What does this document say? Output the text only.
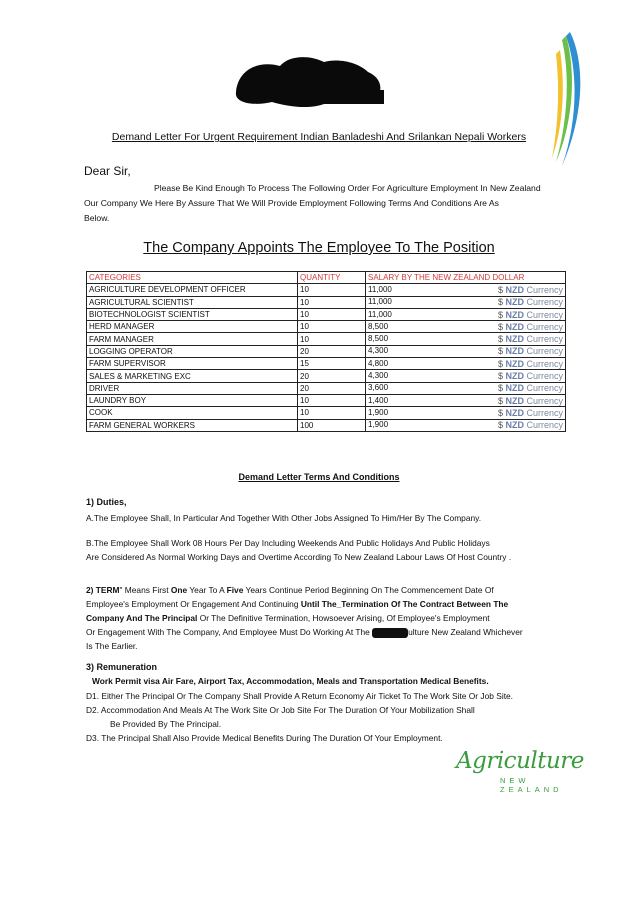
Demand Letter For Urgent Requirement Indian Banladeshi And Srilankan Nepali Workers
Dear Sir,
Please Be Kind Enough To Process The Following Order For Agriculture Employment In New Zealand
Our Company We Here By Assure That We Will Provide Employment Following Terms And Conditions Are As
Below.
The Company Appoints The Employee To The Position
CATEGORIES	QUANTITY	SALARY BY THE NEW ZEALAND DOLLAR
AGRICULTURE DEVELOPMENT OFFICER	10	11,000 $ NZD Currency

AGRICULTURAL SCIENTIST	10	11,000 $ NZD Currency

BIOTECHNOLOGIST SCIENTIST	10	11,000 $ NZD Currency

HERD MANAGER	10	8,500 $ NZD Currency

FARM MANAGER	10	8,500 $ NZD Currency

LOGGING OPERATOR	20	4,300 $ NZD Currency

FARM SUPERVISOR	15	4,800 $ NZD Currency

SALES & MARKETING EXC	20	4,300 $ NZD Currency

DRIVER	20	3,600 $ NZD Currency

LAUNDRY BOY	10	1,400 $ NZD Currency

COOK	10	1,900 $ NZD Currency

FARM GENERAL WORKERS	100	1,900 $ NZD Currency
Demand Letter Terms And Conditions
1) Duties,
A.The Employee Shall, In Particular And Together With Other Jobs Assigned To Him/Her By The Company.
B.The Employee Shall Work 08 Hours Per Day Including Weekends And Public Holidays And Public Holidays
Are Considered As Normal Working Days and Overtime According To New Zealand Labour Laws Of Host Country .
2) TERM" Means First One Year To A Five Years Continue Period Beginning On The Commencement Date Of
Employee's Employment Or Engagement And Continuing Until The_Termination Of The Contract Between The
Company And The Principal Or The Definitive Termination, Howsoever Arising, Of Employee's Employment
Or Engagement With The Company, And Employee Must Do Working At The	ulture New Zealand Whichever
Is The Earlier.
3) Remuneration
Work Permit visa Air Fare, Airport Tax, Accommodation, Meals and Transportation Medical Benefits.
D1. Either The Principal Or The Company Shall Provide A Return Economy Air Ticket To The Work Site Or Job Site.
D2. Accommodation And Meals At The Work Site Or Job Site For The Duration Of Your Mobilization Shall
Be Provided By The Principal.
D3. The Principal Shall Also Provide Medical Benefits During The Duration Of Your Employment.
Agriculture
NEW ZEALAND
